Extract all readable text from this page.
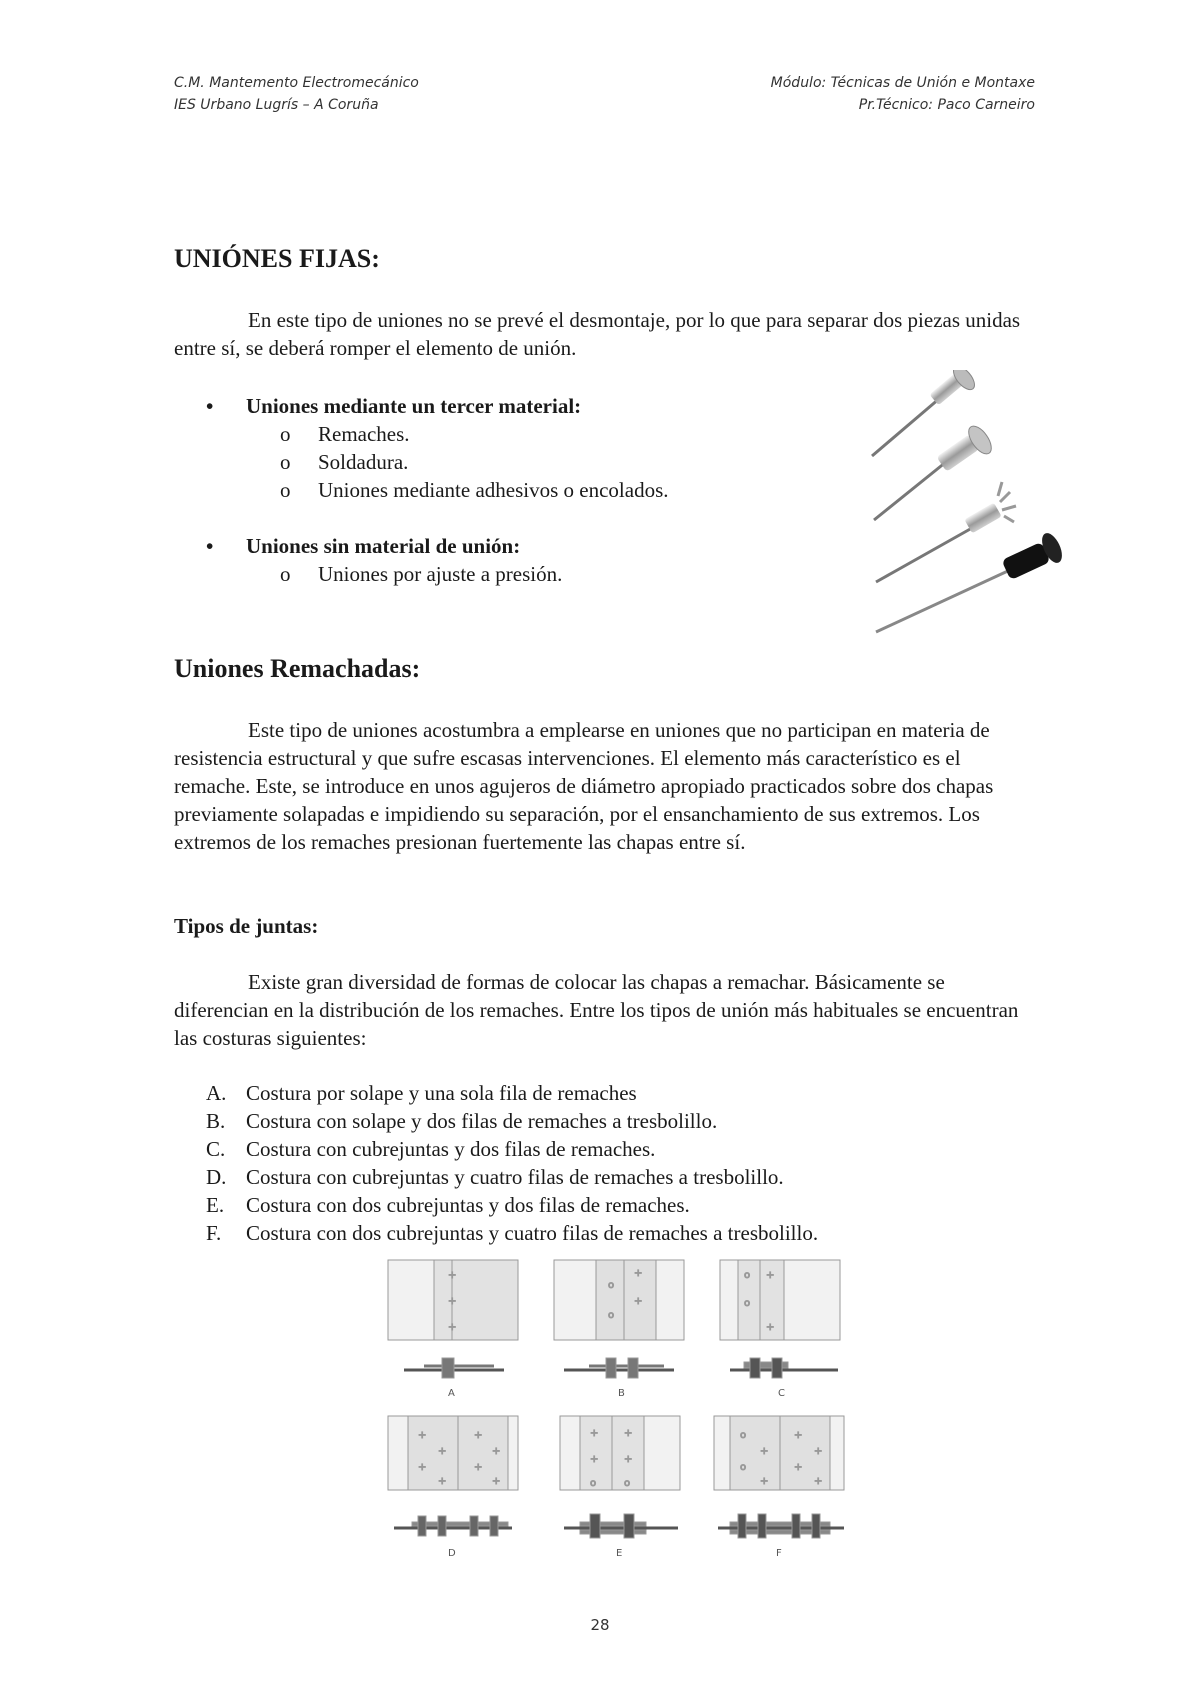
C.M. Mantemento Electromecánico
IES Urbano Lugrís – A Coruña
Módulo: Técnicas de Unión e Montaxe
Pr.Técnico: Paco Carneiro
UNIÓNES FIJAS:
En este tipo de uniones no se prevé el desmontaje, por lo que para separar dos piezas unidas entre sí, se deberá romper el elemento de unión.
• Uniones mediante un tercer material:
o	Remaches.
o	Soldadura.
o	Uniones mediante adhesivos o encolados.
• Uniones sin material de unión:
o	Uniones por ajuste a presión.
Uniones Remachadas:
Este tipo de uniones acostumbra a emplearse en uniones que no participan en materia de resistencia estructural y que sufre escasas intervenciones. El elemento más característico es el remache. Este, se introduce en unos agujeros de diámetro apropiado practicados sobre dos chapas previamente solapadas e impidiendo su separación, por el ensanchamiento de sus extremos. Los extremos de los remaches presionan fuertemente las chapas entre sí.
Tipos de juntas:
Existe gran diversidad de formas de colocar las chapas a remachar. Básicamente se diferencian en la distribución de los remaches. Entre los tipos de unión más habituales se encuentran las costuras siguientes:
A. Costura por solape y una sola fila de remaches
B. Costura con solape y dos filas de remaches a tresbolillo.
C. Costura con cubrejuntas y dos filas de remaches.
D. Costura con cubrejuntas y cuatro filas de remaches a tresbolillo.
E. Costura con dos cubrejuntas y dos filas de remaches.
F. Costura con dos cubrejuntas y cuatro filas de remaches a tresbolillo.
+
+
+
o
+
o
+
o +
o
+
+
+
+
+
+
+
+
+
+	+
+	+
o	o
o
+
+
+
o
+
+
+
A	B	C
D	E	F
28
